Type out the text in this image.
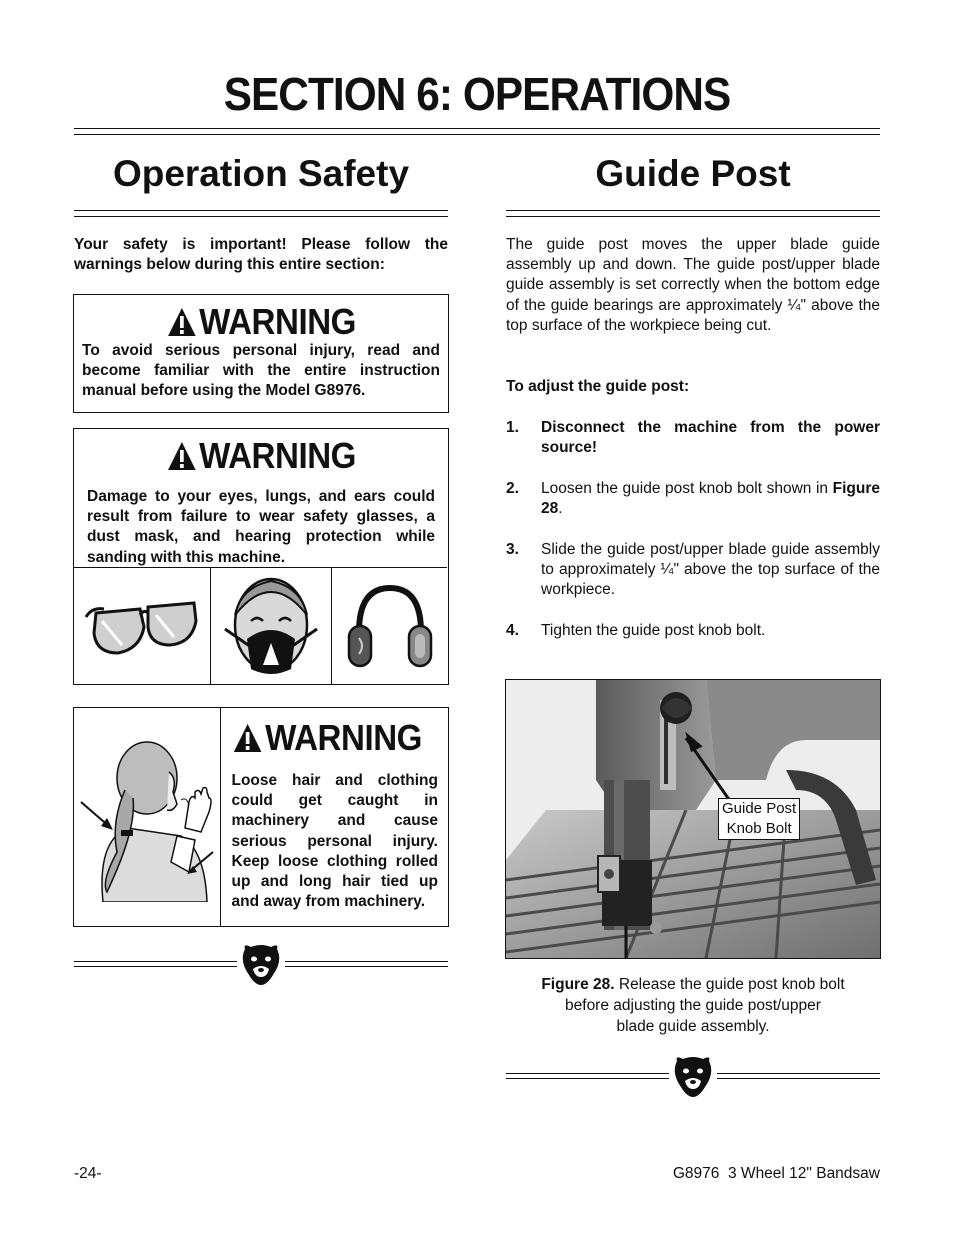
SECTION 6: OPERATIONS
Operation Safety
Your safety is important! Please follow the warnings below during this entire section:
WARNING
To avoid serious personal injury, read and become familiar with the entire instruction manual before using the Model G8976.
WARNING
Damage to your eyes, lungs, and ears could result from failure to wear safety glasses, a dust mask, and hearing protection while sanding with this machine.
WARNING
Loose hair and clothing could get caught in machinery and cause serious personal injury. Keep loose clothing rolled up and long hair tied up and away from machinery.
Guide Post
The guide post moves the upper blade guide assembly up and down. The guide post/upper blade guide assembly is set correctly when the bottom edge of the guide bearings are approximately ¼" above the top surface of the workpiece being cut.
To adjust the guide post:
1.	Disconnect the machine from the power source!
2.	Loosen the guide post knob bolt shown in Figure 28.
3.	Slide the guide post/upper blade guide assembly to approximately ¼" above the top surface of the workpiece.
4.	Tighten the guide post knob bolt.
Guide Post
Knob Bolt
Figure 28. Release the guide post knob bolt
before adjusting the guide post/upper
blade guide assembly.
-24-	G8976  3 Wheel 12" Bandsaw
